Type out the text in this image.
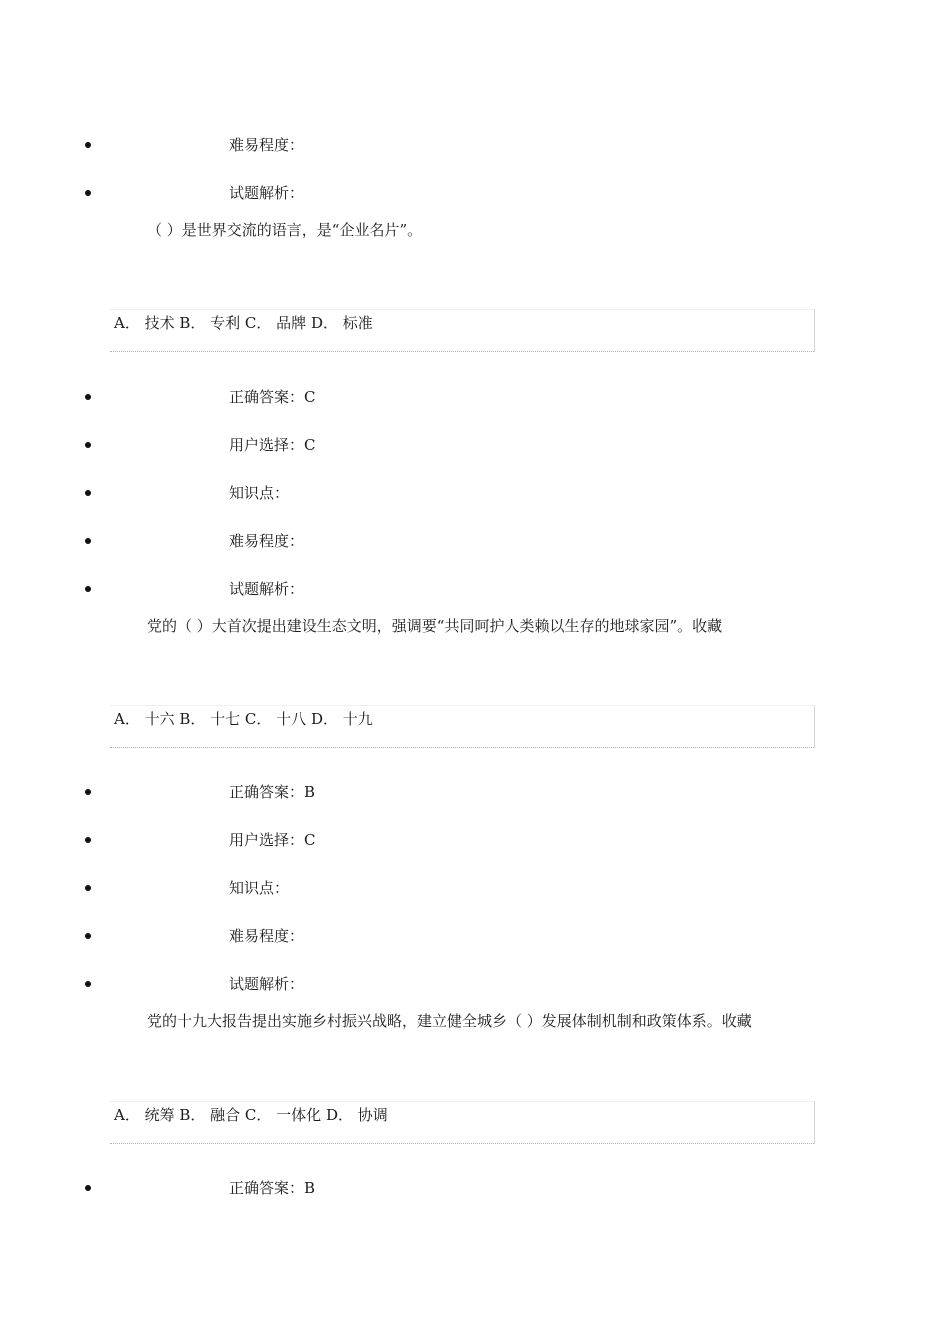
难易程度：
试题解析：
（ ）是世界交流的语言，是“企业名片”。
A． 技术 B． 专利 C． 品牌 D． 标准
正确答案：C
用户选择：C
知识点：
难易程度：
试题解析：
党的（ ）大首次提出建设生态文明，强调要“共同呵护人类赖以生存的地球家园”。收藏
A． 十六 B． 十七 C． 十八 D． 十九
正确答案：B
用户选择：C
知识点：
难易程度：
试题解析：
党的十九大报告提出实施乡村振兴战略，建立健全城乡（ ）发展体制机制和政策体系。收藏
A． 统筹 B． 融合 C． 一体化 D． 协调
正确答案：B
